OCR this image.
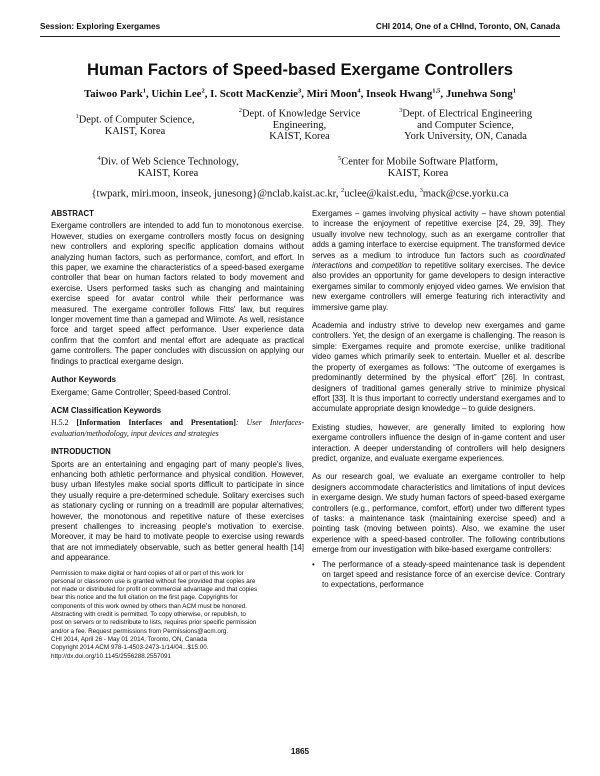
Session: Exploring Exergames	CHI 2014, One of a CHInd, Toronto, ON, Canada
Human Factors of Speed-based Exergame Controllers
Taiwoo Park$^1$, Uichin Lee$^2$, I. Scott MacKenzie$^3$, Miri Moon$^4$, Inseok Hwang$^{1,5}$, Junehwa Song$^1$
$^1$Dept. of Computer Science,
KAIST, Korea
$^2$Dept. of Knowledge Service
Engineering,
KAIST, Korea
$^3$Dept. of Electrical Engineering
and Computer Science,
York University, ON, Canada
$^4$Div. of Web Science Technology,
KAIST, Korea
$^5$Center for Mobile Software Platform,
KAIST, Korea
{twpark, miri.moon, inseok, junesong}@nclab.kaist.ac.kr, $^2$uclee@kaist.edu, $^3$mack@cse.yorku.ca
ABSTRACT
Exergame controllers are intended to add fun to monotonous exercise. However, studies on exergame controllers mostly focus on designing new controllers and exploring specific application domains without analyzing human factors, such as performance, comfort, and effort. In this paper, we examine the characteristics of a speed-based exergame controller that bear on human factors related to body movement and exercise. Users performed tasks such as changing and maintaining exercise speed for avatar control while their performance was measured. The exergame controller follows Fitts' law, but requires longer movement time than a gamepad and Wiimote. As well, resistance force and target speed affect performance. User experience data confirm that the comfort and mental effort are adequate as practical game controllers. The paper concludes with discussion on applying our findings to practical exergame design.
Author Keywords
Exergame; Game Controller; Speed-based Control.
ACM Classification Keywords
H.5.2 [Information Interfaces and Presentation]: User Interfaces-evaluation/methodology, input devices and strategies
INTRODUCTION
Sports are an entertaining and engaging part of many people's lives, enhancing both athletic performance and physical condition. However, busy urban lifestyles make social sports difficult to participate in since they usually require a pre-determined schedule. Solitary exercises such as stationary cycling or running on a treadmill are popular alternatives; however, the monotonous and repetitive nature of these exercises present challenges to increasing people's motivation to exercise. Moreover, it may be hard to motivate people to exercise using rewards that are not immediately observable, such as better general health [14] and appearance.
Permission to make digital or hard copies of all or part of this work for
personal or classroom use is granted without fee provided that copies are
not made or distributed for profit or commercial advantage and that copies
bear this notice and the full citation on the first page. Copyrights for
components of this work owned by others than ACM must be honored.
Abstracting with credit is permitted. To copy otherwise, or republish, to
post on servers or to redistribute to lists, requires prior specific permission
and/or a fee. Request permissions from Permissions@acm.org.
CHI 2014, April 26 - May 01 2014, Toronto, ON, Canada
Copyright 2014 ACM 978-1-4503-2473-1/14/04...$15.00.
http://dx.doi.org/10.1145/2556288.2557091
Exergames – games involving physical activity – have shown potential to increase the enjoyment of repetitive exercise [24, 29, 39]. They usually involve new technology, such as an exergame controller that adds a gaming interface to exercise equipment. The transformed device serves as a medium to introduce fun factors such as coordinated interactions and competition to repetitive solitary exercises. The device also provides an opportunity for game developers to design interactive exergames similar to commonly enjoyed video games. We envision that new exergame controllers will emerge featuring rich interactivity and immersive game play.
Academia and industry strive to develop new exergames and game controllers. Yet, the design of an exergame is challenging. The reason is simple: Exergames require and promote exercise, unlike traditional video games which primarily seek to entertain. Mueller et al. describe the property of exergames as follows: “The outcome of exergames is predominantly determined by the physical effort” [26]. In contrast, designers of traditional games generally strive to minimize physical effort [33]. It is thus important to correctly understand exergames and to accumulate appropriate design knowledge – to guide designers.
Existing studies, however, are generally limited to exploring how exergame controllers influence the design of in-game content and user interaction. A deeper understanding of controllers will help designers predict, organize, and evaluate exergame experiences.
As our research goal, we evaluate an exergame controller to help designers accommodate characteristics and limitations of input devices in exergame design. We study human factors of speed-based exergame controllers (e.g., performance, comfort, effort) under two different types of tasks: a maintenance task (maintaining exercise speed) and a pointing task (moving between points). Also, we examine the user experience with a speed-based controller. The following contributions emerge from our investigation with bike-based exergame controllers:
• The performance of a steady-speed maintenance task is dependent on target speed and resistance force of an exercise device. Contrary to expectations, performance
1865
